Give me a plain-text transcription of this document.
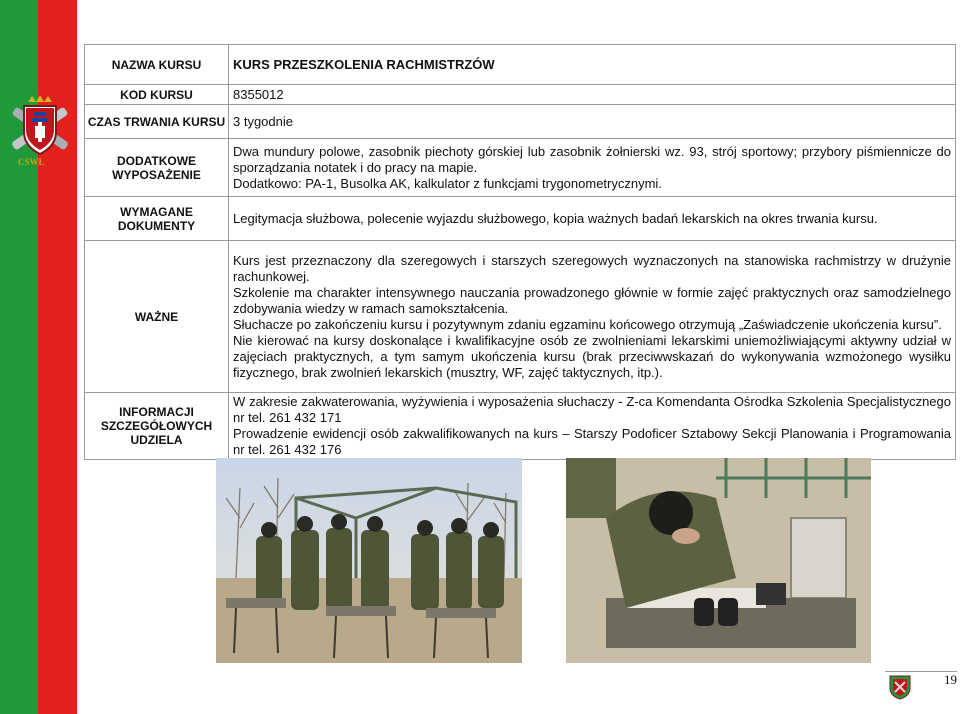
CSWŁ
NAZWA KURSU	KURS PRZESZKOLENIA RACHMISTRZÓW

KOD KURSU	8355012

CZAS TRWANIA KURSU	3 tygodnie

DODATKOWE WYPOSAŻENIE	Dwa mundury polowe, zasobnik piechoty górskiej lub zasobnik żołnierski wz. 93, strój sportowy; przybory piśmiennicze do sporządzania notatek i do pracy na mapie.

Dodatkowo: PA-1, Busolka AK, kalkulator z funkcjami trygonometrycznymi.

WYMAGANE DOKUMENTY	Legitymacja służbowa, polecenie wyjazdu służbowego, kopia ważnych badań lekarskich na okres trwania kursu.

WAŻNE	Kurs jest przeznaczony dla szeregowych i starszych szeregowych wyznaczonych na stanowiska rachmistrzy w drużynie rachunkowej.

Szkolenie ma charakter intensywnego nauczania prowadzonego głównie w formie zajęć praktycznych oraz samodzielnego zdobywania wiedzy w ramach samokształcenia.

Słuchacze po zakończeniu kursu i pozytywnym zdaniu egzaminu końcowego otrzymują „Zaświadczenie ukończenia kursu”.

Nie kierować na kursy doskonalące i kwalifikacyjne osób ze zwolnieniami lekarskimi uniemożliwiającymi aktywny udział w zajęciach praktycznych, a tym samym ukończenia kursu (brak przeciwwskazań do wykonywania wzmożonego wysiłku fizycznego, brak zwolnień lekarskich (musztry, WF, zajęć taktycznych, itp.).

INFORMACJI SZCZEGÓŁOWYCH UDZIELA	W zakresie zakwaterowania, wyżywienia i wyposażenia słuchaczy - Z-ca Komendanta Ośrodka Szkolenia Specjalistycznego nr tel. 261 432 171

Prowadzenie ewidencji osób zakwalifikowanych na kurs – Starszy Podoficer Sztabowy Sekcji Planowania i Programowania nr tel. 261 432 176

19
